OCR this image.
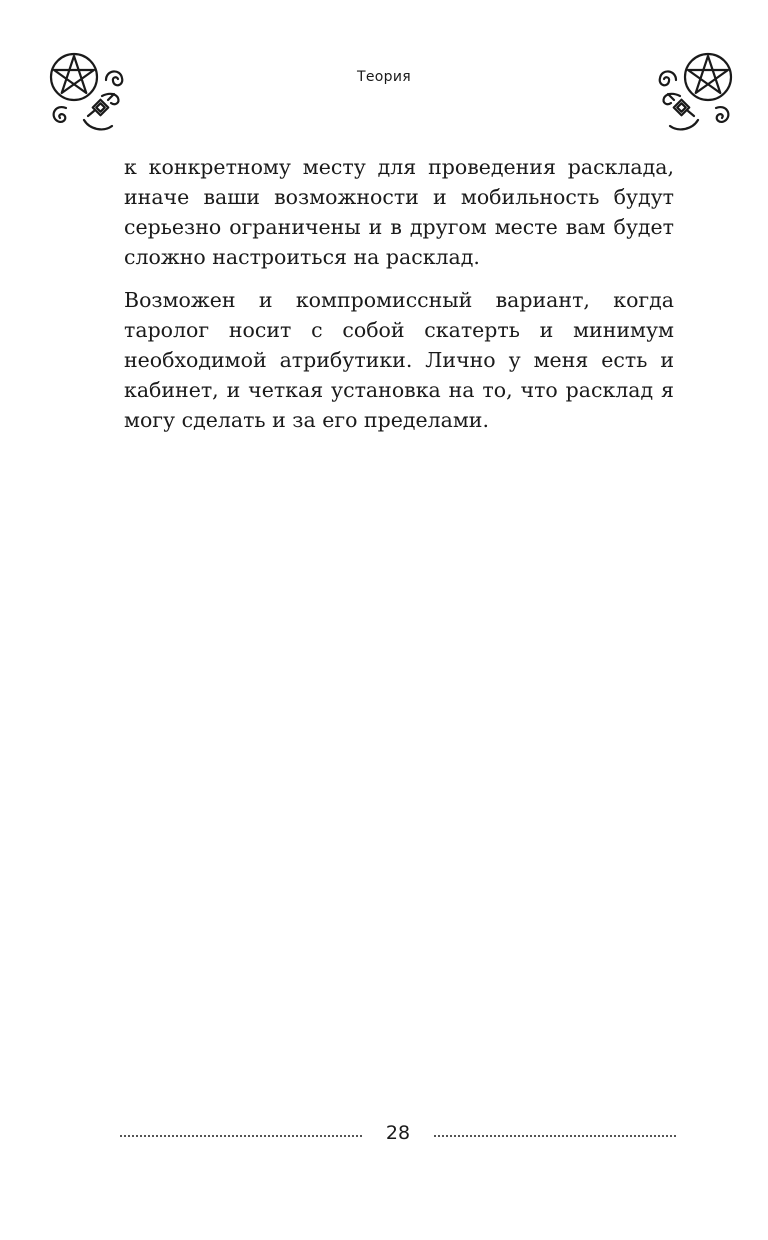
Теория

к конкретному месту для проведения расклада, иначе ваши возможности и мобильность будут серьезно ограничены и в другом месте вам будет сложно настроиться на расклад.

Возможен и компромиссный вариант, когда таролог носит с собой скатерть и минимум необходимой атрибутики. Лично у меня есть и кабинет, и четкая установка на то, что расклад я могу сделать и за его пределами.

28
